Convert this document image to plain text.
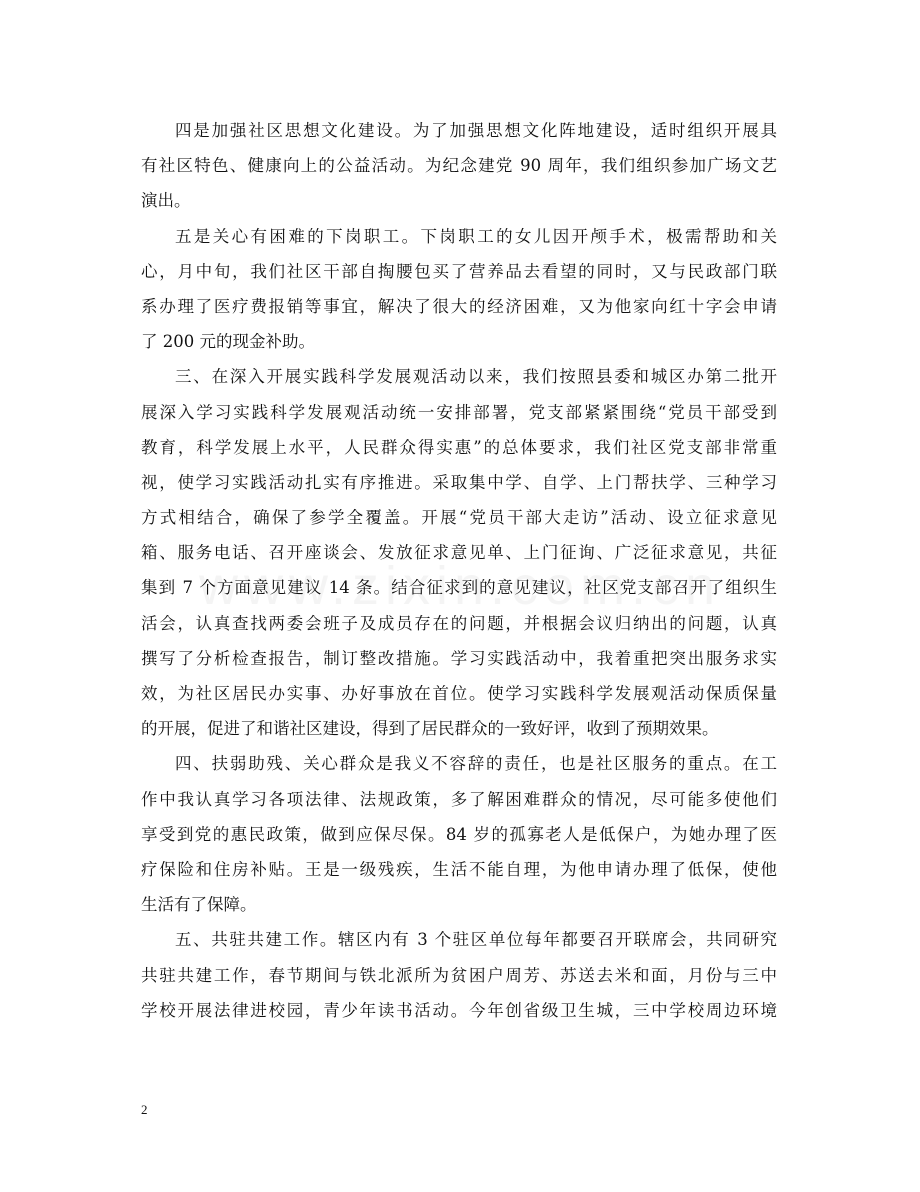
四是加强社区思想文化建设。为了加强思想文化阵地建设，适时组织开展具
有社区特色、健康向上的公益活动。为纪念建党 90 周年，我们组织参加广场文艺
演出。
五是关心有困难的下岗职工。下岗职工的女儿因开颅手术，极需帮助和关
心，月中旬，我们社区干部自掏腰包买了营养品去看望的同时，又与民政部门联
系办理了医疗费报销等事宜，解决了很大的经济困难，又为他家向红十字会申请
了 200 元的现金补助。
三、在深入开展实践科学发展观活动以来，我们按照县委和城区办第二批开
展深入学习实践科学发展观活动统一安排部署，党支部紧紧围绕“党员干部受到
教育，科学发展上水平，人民群众得实惠”的总体要求，我们社区党支部非常重
视，使学习实践活动扎实有序推进。采取集中学、自学、上门帮扶学、三种学习
方式相结合，确保了参学全覆盖。开展“党员干部大走访”活动、设立征求意见
箱、服务电话、召开座谈会、发放征求意见单、上门征询、广泛征求意见，共征
集到 7 个方面意见建议 14 条。结合征求到的意见建议，社区党支部召开了组织生
活会，认真查找两委会班子及成员存在的问题，并根据会议归纳出的问题，认真
撰写了分析检查报告，制订整改措施。学习实践活动中，我着重把突出服务求实
效，为社区居民办实事、办好事放在首位。使学习实践科学发展观活动保质保量
的开展，促进了和谐社区建设，得到了居民群众的一致好评，收到了预期效果。
四、扶弱助残、关心群众是我义不容辞的责任，也是社区服务的重点。在工
作中我认真学习各项法律、法规政策，多了解困难群众的情况，尽可能多使他们
享受到党的惠民政策，做到应保尽保。84 岁的孤寡老人是低保户，为她办理了医
疗保险和住房补贴。王是一级残疾，生活不能自理，为他申请办理了低保，使他
生活有了保障。
五、共驻共建工作。辖区内有 3 个驻区单位每年都要召开联席会，共同研究
共驻共建工作，春节期间与铁北派所为贫困户周芳、苏送去米和面，月份与三中
学校开展法律进校园，青少年读书活动。今年创省级卫生城，三中学校周边环境
2
